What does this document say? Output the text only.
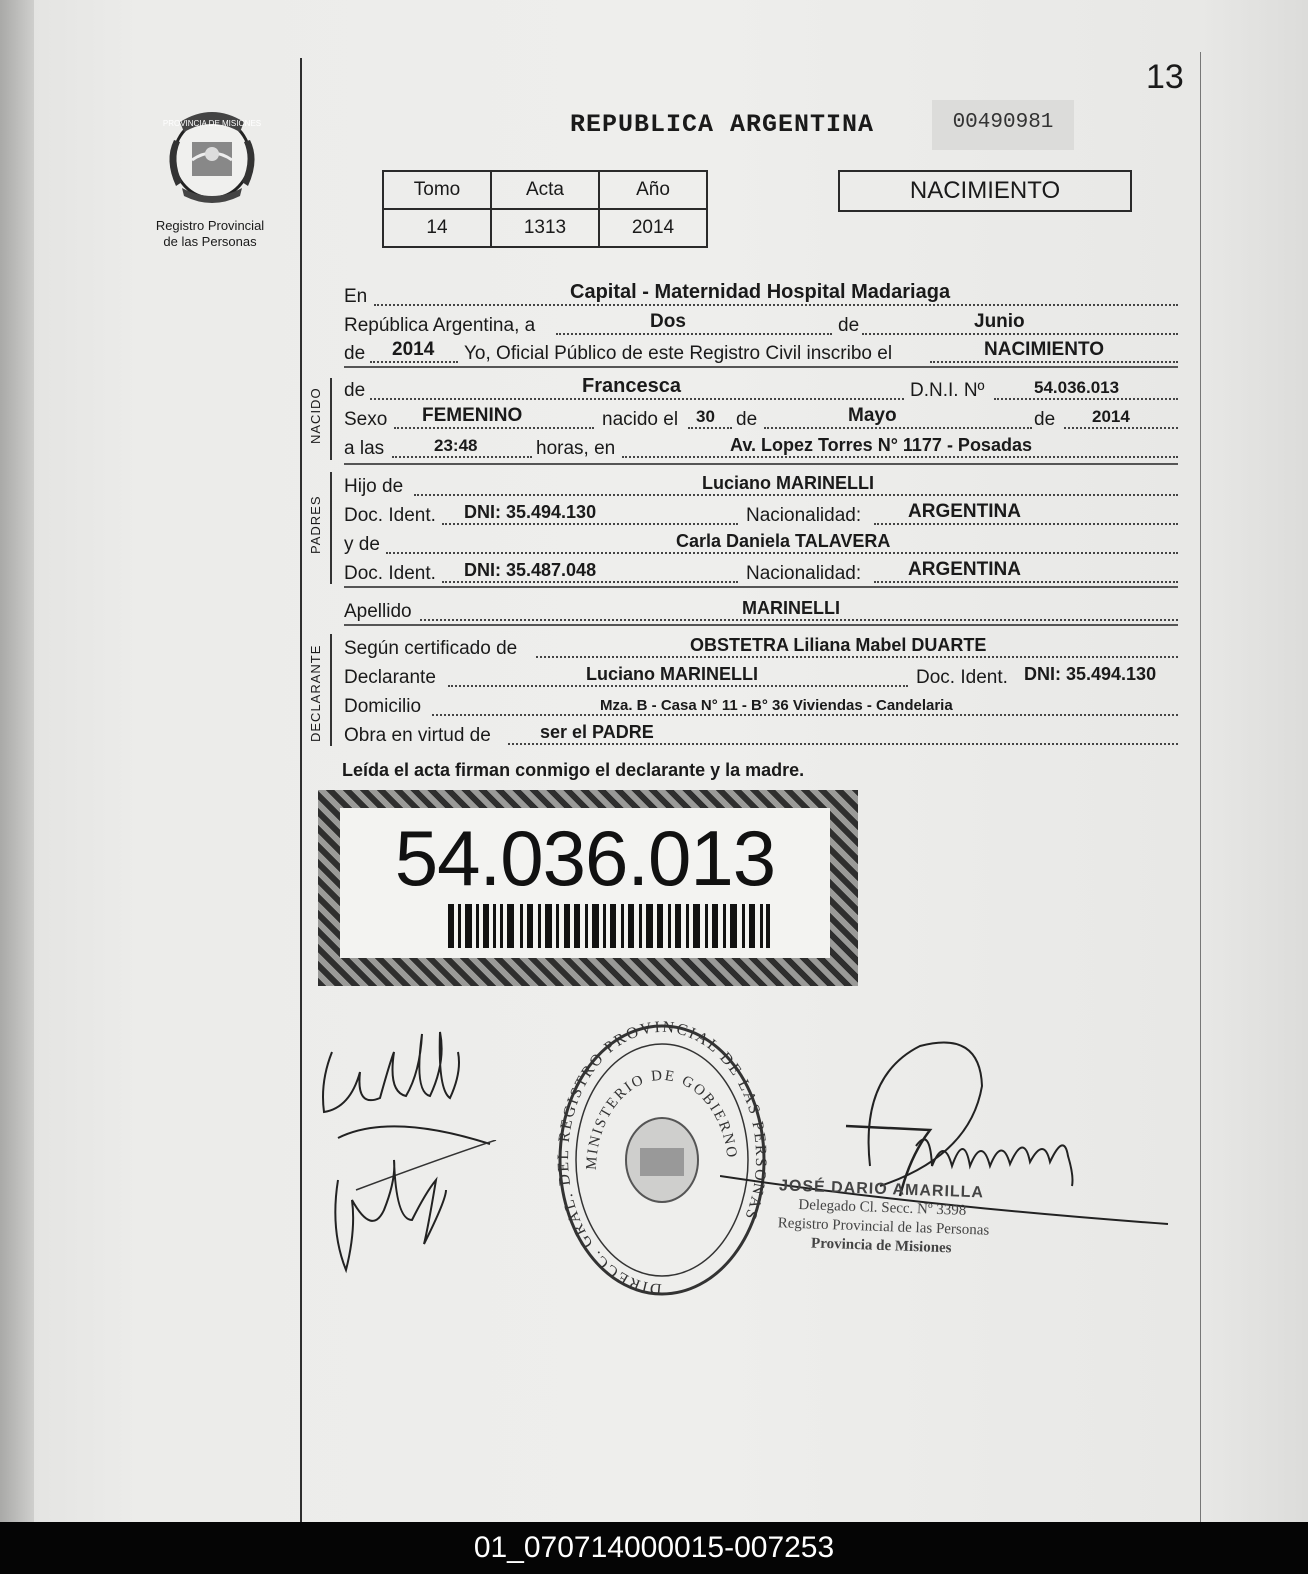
13
PROVINCIA DE MISIONES
Registro Provincial
de las Personas
REPUBLICA ARGENTINA	00490981
Tomo	Acta	Año
14	1313	2014
NACIMIENTO
En	Capital - Maternidad Hospital Madariaga
República Argentina, a	Dos	de	Junio
de 2014 Yo, Oficial Público de este Registro Civil inscribo el	NACIMIENTO
NACIDO de	Francesca	D.N.I. Nº	54.036.013
Sexo FEMENINO	nacido el 30 de	Mayo	de 2014
a las	23:48	horas, en	Av. Lopez Torres N° 1177 - Posadas
PADRES
Hijo de	Luciano MARINELLI
Doc. Ident. DNI: 35.494.130	Nacionalidad: ARGENTINA
y de	Carla Daniela TALAVERA
Doc. Ident. DNI: 35.487.048	Nacionalidad: ARGENTINA
Apellido	MARINELLI
DECLARANTE Según certificado de	OBSTETRA Liliana Mabel DUARTE
Declarante	Luciano MARINELLI	Doc. Ident. DNI: 35.494.130
Domicilio	Mza. B - Casa N° 11 - B° 36 Viviendas - Candelaria
Obra en virtud de	ser el PADRE
Leída el acta firman conmigo el declarante y la madre.
54.036.013
DIRECC. GRAL. DEL REGISTRO PROVINCIAL DE LAS PERSONAS
MINISTERIO DE GOBIERNO
JOSÉ DARIO AMARILLA
Delegado Cl. Secc. Nº 3398
Registro Provincial de las Personas
Provincia de Misiones
01_070714000015-007253
